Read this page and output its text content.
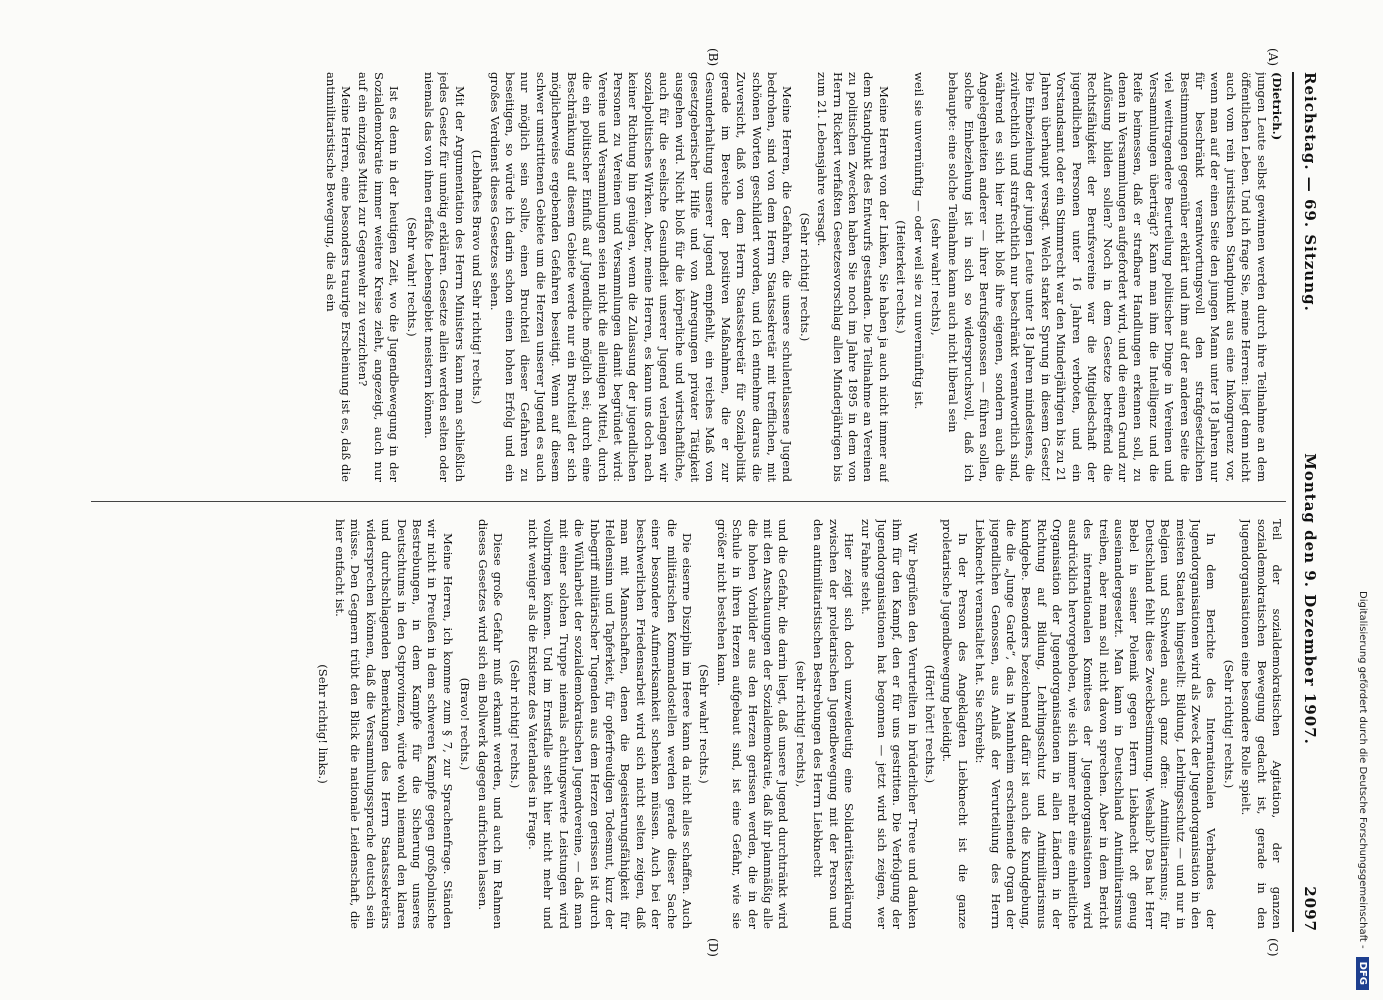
Reichstag. — 69. Sitzung.
Montag den 9. Dezember 1907.
2097
(A)
(B)
(C)
(D)

(Dietrich.)

jungen Leute selbst gewinnen werden durch ihre Teilnahme an dem öffentlichen Leben. Und ich frage Sie, meine Herren: liegt denn nicht auch vom rein juristischen Standpunkt aus eine Inkongruenz vor, wenn man auf der einen Seite den jungen Mann unter 18 Jahren nur für beschränkt verantwortungsvoll den strafgesetzlichen Bestimmungen gegenüber erklärt und ihm auf der anderen Seite die viel weittragendere Beurteilung politischer Dinge in Vereinen und Versammlungen überträgt? Kann man ihm die Intelligenz und die Reife beimessen, daß er strafbare Handlungen erkennen soll, zu denen in Versammlungen aufgefordert wird, und die einen Grund zur Auflösung bilden sollen? Noch in dem Gesetze betreffend die Rechtsfähigkeit der Berufsvereine war die Mitgliedschaft der jugendlichen Personen unter 16 Jahren verboten, und ein Vorstandsamt oder ein Stimmrecht war den Minderjährigen bis zu 21 Jahren überhaupt versagt. Welch starker Sprung in diesem Gesetz! Die Einbeziehung der jungen Leute unter 18 Jahren mindestens, die zivilrechtlich und strafrechtlich nur beschränkt verantwortlich sind, während es sich hier nicht bloß ihre eigenen, sondern auch die Angelegenheiten anderer — ihrer Berufsgenossen — führen sollen, solche Einbeziehung ist in sich so widerspruchsvoll, daß ich behaupte: eine solche Teilnahme kann auch nicht liberal sein

(sehr wahr! rechts),

weil sie unvernünftig — oder weil sie zu unvernünftig ist.

(Heiterkeit rechts.)

Meine Herren von der Linken, Sie haben ja auch nicht immer auf dem Standpunkt des Entwurfs gestanden. Die Teilnahme an Vereinen zu politischen Zwecken haben Sie noch im Jahre 1895 in dem von Herrn Rickert verfaßten Gesetzesvorschlag allen Minderjährigen bis zum 21. Lebensjahre versagt.

(Sehr richtig! rechts.)

Meine Herren, die Gefahren, die unsere schulentlassene Jugend bedrohen, sind von dem Herrn Staatssekretär mit trefflichen, mit schönen Worten geschildert worden, und ich entnehme daraus die Zuversicht, daß von dem Herrn Staatssekretär für Sozialpolitik gerade im Bereiche der positiven Maßnahmen, die er zur Gesunderhaltung unserer Jugend empfiehlt, ein reiches Maß von gesetzgeberischer Hilfe und von Anregungen privater Tätigkeit ausgehen wird. Nicht bloß für die körperliche und wirtschaftliche, auch für die seelische Gesundheit unserer Jugend verlangen wir sozialpolitisches Wirken. Aber, meine Herren, es kann uns doch nach keiner Richtung hin genügen, wenn die Zulassung der jugendlichen Personen zu Vereinen und Versammlungen damit begründet wird: Vereine und Versammlungen seien nicht die alleinigen Mittel, durch die ein politischer Einfluß auf Jugendliche möglich sei; durch eine Beschränkung auf diesem Gebiete werde nur ein Bruchteil der sich möglicherweise ergebenden Gefahren beseitigt. Wenn auf diesem schwer umstrittenen Gebiete um die Herzen unserer Jugend es auch nur möglich sein sollte, einen Bruchteil dieser Gefahren zu beseitigen, so würde ich darin schon einen hohen Erfolg und ein großes Verdienst dieses Gesetzes sehen.

(Lebhaftes Bravo und Sehr richtig! rechts.)

Mit der Argumentation des Herrn Ministers kann man schließlich jedes Gesetz für unnötig erklären. Gesetze allein werden selten oder niemals das von ihnen erfaßte Lebensgebiet meistern können.

(Sehr wahr! rechts.)

Ist es denn in der heutigen Zeit, wo die Jugendbewegung in der Sozialdemokratie immer weitere Kreise zieht, angezeigt, auch nur auf ein einziges Mittel zur Gegenwehr zu verzichten?

Meine Herren, eine besonders traurige Erscheinung ist es, daß die antimilitaristische Bewegung, die als ein

Teil der sozialdemokratischen Agitation, der ganzen sozialdemokratischen Bewegung gedacht ist, gerade in den Jugendorganisationen eine besondere Rolle spielt.

(Sehr richtig! rechts.)

In dem Berichte des Internationalen Verbandes der Jugendorganisationen wird als Zweck der Jugendorganisation in den meisten Staaten hingestellt: Bildung, Lehrlingsschutz — und nur in Belgien und Schweden auch ganz offen: Antimilitarismus; für Deutschland fehlt diese Zweckbestimmung. Weshalb? Das hat Herr Bebel in seiner Polemik gegen Herrn Liebknecht oft genug auseinandergesetzt. Man kann in Deutschland Antimilitarismus treiben, aber man soll nicht davon sprechen. Aber in dem Bericht des internationalen Komitees der Jugendorganisationen wird ausdrücklich hervorgehoben, wie sich immer mehr eine einheitliche Organisation der Jugendorganisationen in allen Ländern in der Richtung auf Bildung, Lehrlingsschutz und Antimilitarismus kundgebe. Besonders bezeichnend dafür ist auch die Kundgebung, die die „Junge Garde“, das in Mannheim erscheinende Organ der jugendlichen Genossen, aus Anlaß der Verurteilung des Herrn Liebknecht veranstaltet hat. Sie schreibt:

In der Person des Angeklagten Liebknecht ist die ganze proletarische Jugendbewegung beleidigt.

(Hört! hört! rechts.)

Wir begrüßen den Verurteilten in brüderlicher Treue und danken ihm für den Kampf, den er für uns gestritten. Die Verfolgung der Jugendorganisationen hat begonnen — jetzt wird sich zeigen, wer zur Fahne steht.

Hier zeigt sich doch unzweideutig eine Solidaritätserklärung zwischen der proletarischen Jugendbewegung mit der Person und den antimilitaristischen Bestrebungen des Herrn Liebknecht

(sehr richtig! rechts),

und die Gefahr, die darin liegt, daß unsere Jugend durchtränkt wird mit den Anschauungen der Sozialdemokratie, daß ihr planmäßig alle die hohen Vorbilder aus den Herzen gerissen werden, die in der Schule in ihren Herzen aufgebaut sind, ist eine Gefahr, wie sie größer nicht bestehen kann.

(Sehr wahr! rechts.)

Die eiserne Disziplin im Heere kann da nicht alles schaffen. Auch die militärischen Kommandostellen werden gerade dieser Sache einer besondere Aufmerksamkeit schenken müssen. Auch bei der beschwerlichen Friedensarbeit wird sich nicht selten zeigen, daß man mit Mannschaften, denen die Begeisterungsfähigkeit für Heldensinn und Tapferkeit, für opferfreudigen Todesmut, kurz der Inbegriff militärischer Tugenden aus dem Herzen gerissen ist durch die Wühlarbeit der sozialdemokratischen Jugendvereine, — daß man mit einer solchen Truppe niemals achtungswerte Leistungen wird vollbringen können. Und im Ernstfalle steht hier nicht mehr und nicht weniger als die Existenz des Vaterlandes in Frage.

(Sehr richtig! rechts.)

Diese große Gefahr muß erkannt werden, und auch im Rahmen dieses Gesetzes wird sich ein Bollwerk dagegen aufrichten lassen.

(Bravo! rechts.)

Meine Herren, ich komme zum § 7, zur Sprachenfrage. Ständen wir nicht in Preußen in dem schweren Kampfe gegen großpolnische Bestrebungen, in dem Kampfe für die Sicherung unseres Deutschtums in den Ostprovinzen, würde wohl niemand den klaren und durchschlagenden Bemerkungen des Herrn Staatssekretärs widersprechen können, daß die Versammlungssprache deutsch sein müsse. Den Gegnern trübt den Blick die nationale Leidenschaft, die hier entfacht ist.

(Sehr richtig! links.)	Digitalisierung gefördert durch die Deutsche Forschungsgemeinschaft -
DFG
